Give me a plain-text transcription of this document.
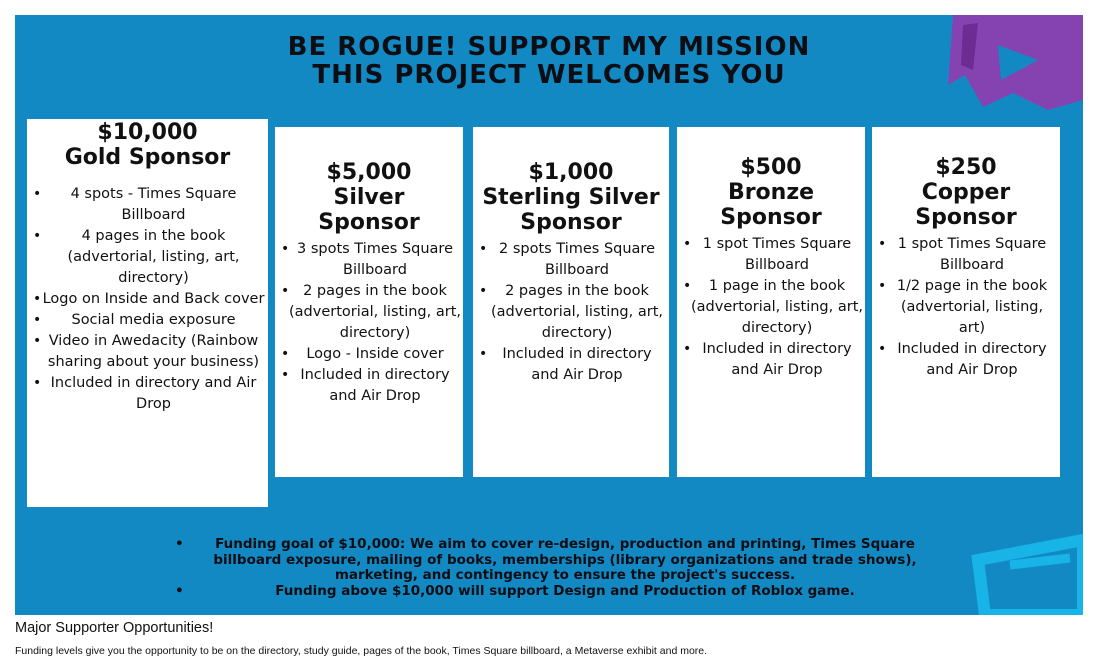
BE ROGUE! SUPPORT MY MISSION
THIS PROJECT WELCOMES YOU
$10,000
Gold Sponsor
• 4 spots - Times Square Billboard
• 4 pages in the book (advertorial, listing, art, directory)
• Logo on Inside and Back cover
• Social media exposure
• Video in Awedacity (Rainbow sharing about your business)
• Included in directory and Air Drop
$5,000
Silver Sponsor
• 3 spots Times Square Billboard
• 2 pages in the book (advertorial, listing, art, directory)
• Logo - Inside cover
• Included in directory and Air Drop
$1,000
Sterling Silver Sponsor
• 2 spots Times Square Billboard
• 2 pages in the book (advertorial, listing, art, directory)
• Included in directory and Air Drop
$500
Bronze Sponsor
• 1 spot Times Square Billboard
• 1 page in the book (advertorial, listing, art, directory)
• Included in directory and Air Drop
$250
Copper Sponsor
• 1 spot Times Square Billboard
• 1/2 page in the book (advertorial, listing, art)
• Included in directory and Air Drop
• Funding goal of $10,000: We aim to cover re-design, production and printing, Times Square billboard exposure, mailing of books, memberships (library organizations and trade shows), marketing, and contingency to ensure the project's success.
• Funding above $10,000 will support Design and Production of Roblox game.
Major Supporter Opportunities!
Funding levels give you the opportunity to be on the directory, study guide, pages of the book, Times Square billboard, a Metaverse exhibit and more.
